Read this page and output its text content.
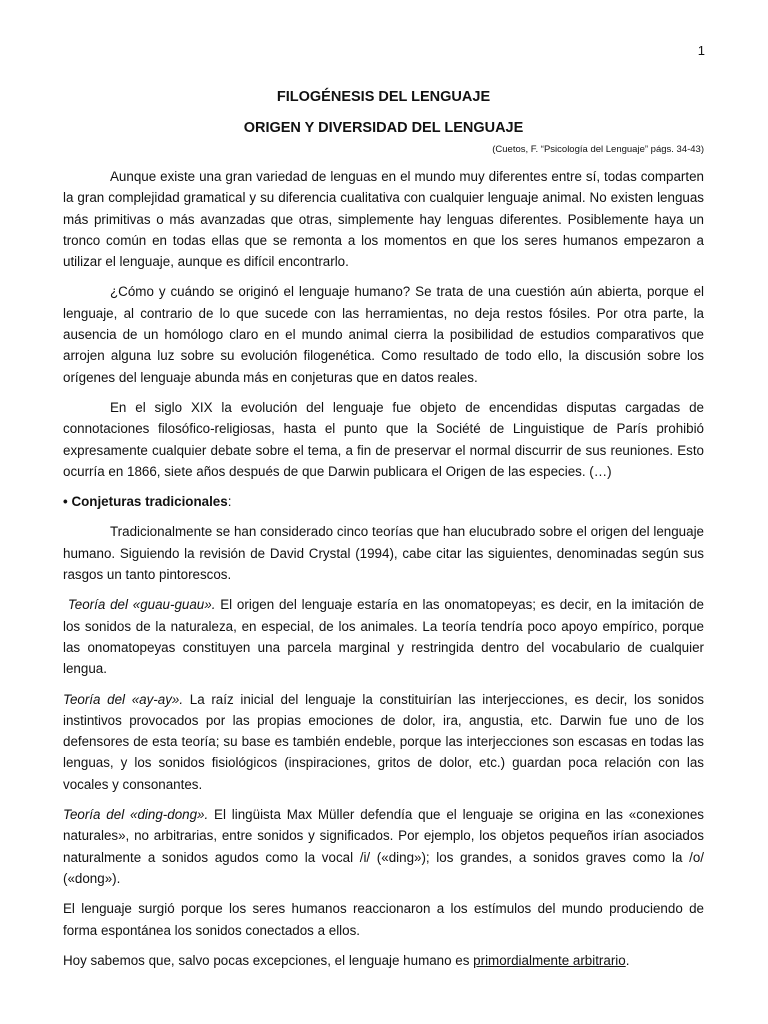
1
FILOGÉNESIS DEL LENGUAJE
ORIGEN Y DIVERSIDAD DEL LENGUAJE
(Cuetos, F. “Psicología del Lenguaje” págs. 34-43)

Aunque existe una gran variedad de lenguas en el mundo muy diferentes entre sí, todas comparten la gran complejidad gramatical y su diferencia cualitativa con cualquier lenguaje animal. No existen lenguas más primitivas o más avanzadas que otras, simplemente hay lenguas diferentes. Posiblemente haya un tronco común en todas ellas que se remonta a los momentos en que los seres humanos empezaron a utilizar el lenguaje, aunque es difícil encontrarlo.

¿Cómo y cuándo se originó el lenguaje humano? Se trata de una cuestión aún abierta, porque el lenguaje, al contrario de lo que sucede con las herramientas, no deja restos fósiles. Por otra parte, la ausencia de un homólogo claro en el mundo animal cierra la posibilidad de estudios comparativos que arrojen alguna luz sobre su evolución filogenética. Como resultado de todo ello, la discusión sobre los orígenes del lenguaje abunda más en conjeturas que en datos reales.

En el siglo XIX la evolución del lenguaje fue objeto de encendidas disputas cargadas de connotaciones filosófico-religiosas, hasta el punto que la Société de Linguistique de París prohibió expresamente cualquier debate sobre el tema, a fin de preservar el normal discurrir de sus reuniones. Esto ocurría en 1866, siete años después de que Darwin publicara el Origen de las especies. (…)

• Conjeturas tradicionales:

Tradicionalmente se han considerado cinco teorías que han elucubrado sobre el origen del lenguaje humano. Siguiendo la revisión de David Crystal (1994), cabe citar las siguientes, denominadas según sus rasgos un tanto pintorescos.

Teoría del «guau-guau». El origen del lenguaje estaría en las onomatopeyas; es decir, en la imitación de los sonidos de la naturaleza, en especial, de los animales. La teoría tendría poco apoyo empírico, porque las onomatopeyas constituyen una parcela marginal y restringida dentro del vocabulario de cualquier lengua.

Teoría del «ay-ay». La raíz inicial del lenguaje la constituirían las interjecciones, es decir, los sonidos instintivos provocados por las propias emociones de dolor, ira, angustia, etc. Darwin fue uno de los defensores de esta teoría; su base es también endeble, porque las interjecciones son escasas en todas las lenguas, y los sonidos fisiológicos (inspiraciones, gritos de dolor, etc.) guardan poca relación con las vocales y consonantes.

Teoría del «ding-dong». El lingüista Max Müller defendía que el lenguaje se origina en las «conexiones naturales», no arbitrarias, entre sonidos y significados. Por ejemplo, los objetos pequeños irían asociados naturalmente a sonidos agudos como la vocal /i/ («ding»); los grandes, a sonidos graves como la /o/ («dong»).

El lenguaje surgió porque los seres humanos reaccionaron a los estímulos del mundo produciendo de forma espontánea los sonidos conectados a ellos.

Hoy sabemos que, salvo pocas excepciones, el lenguaje humano es primordialmente arbitrario.
